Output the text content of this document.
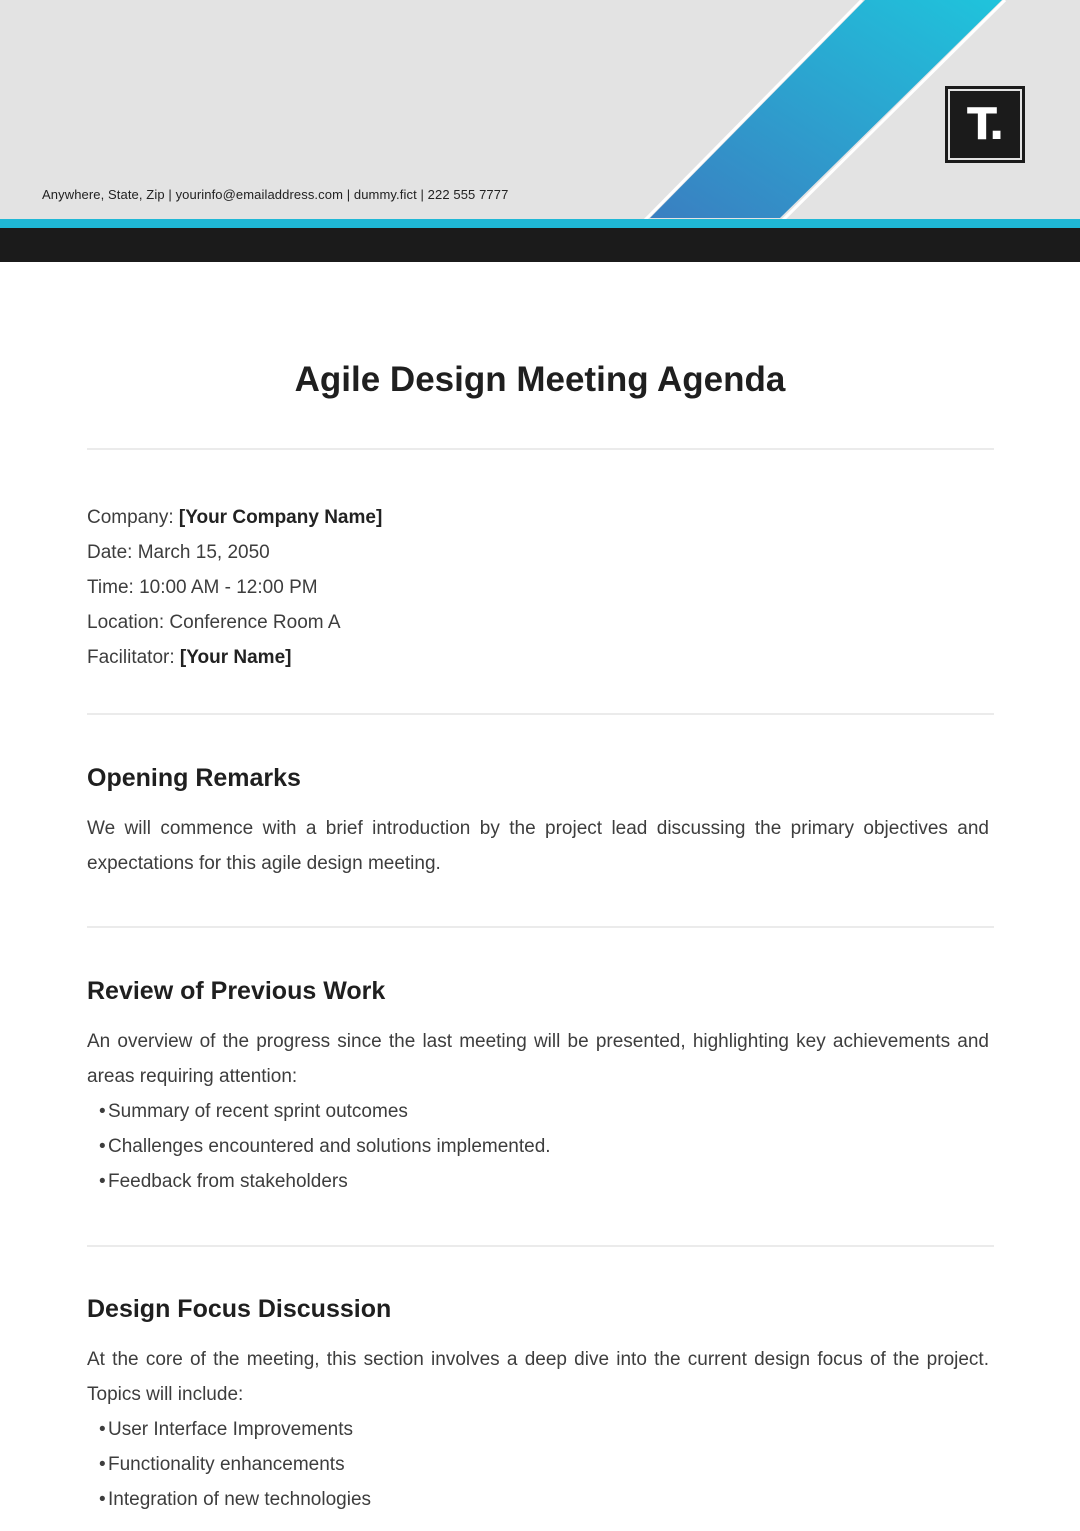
Anywhere, State, Zip | yourinfo@emailaddress.com | dummy.fict | 222 555 7777
T.
Agile Design Meeting Agenda
Company: [Your Company Name]
Date: March 15, 2050
Time: 10:00 AM - 12:00 PM
Location: Conference Room A
Facilitator: [Your Name]
Opening Remarks

We will commence with a brief introduction by the project lead discussing the primary objectives and expectations for this agile design meeting.

Review of Previous Work

An overview of the progress since the last meeting will be presented, highlighting key achievements and areas requiring attention:

• Summary of recent sprint outcomes
• Challenges encountered and solutions implemented.
• Feedback from stakeholders
Design Focus Discussion

At the core of the meeting, this section involves a deep dive into the current design focus of the project. Topics will include:

• User Interface Improvements
• Functionality enhancements
• Integration of new technologies
